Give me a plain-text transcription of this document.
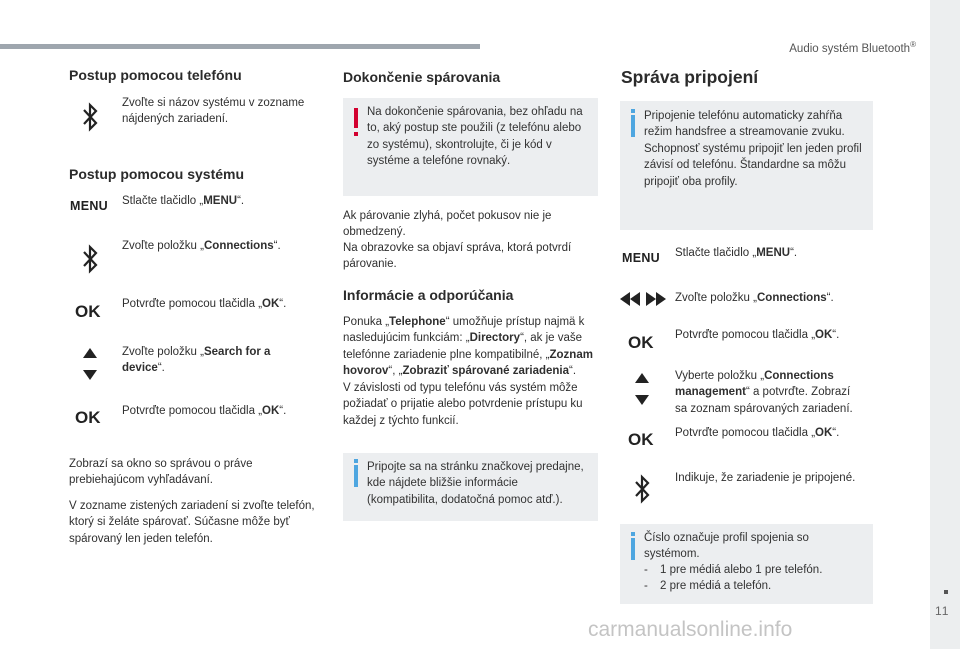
Audio systém Bluetooth®
11
carmanualsonline.info
Postup pomocou telefónu
Zvoľte si názov systému v zozname nájdených zariadení.
Postup pomocou systému
MENU Stlačte tlačidlo „MENU“.
Zvoľte položku „Connections“.
OK Potvrďte pomocou tlačidla „OK“.
Zvoľte položku „Search for a device“.
OK Potvrďte pomocou tlačidla „OK“.
Zobrazí sa okno so správou o práve prebiehajúcom vyhľadávaní.
V zozname zistených zariadení si zvoľte telefón, ktorý si želáte spárovať. Súčasne môže byť spárovaný len jeden telefón.
Dokončenie spárovania
Na dokončenie spárovania, bez ohľadu na to, aký postup ste použili (z telefónu alebo zo systému), skontrolujte, či je kód v systéme a telefóne rovnaký.
Ak párovanie zlyhá, počet pokusov nie je obmedzený.
Na obrazovke sa objaví správa, ktorá potvrdí párovanie.
Informácie a odporúčania
Ponuka „Telephone“ umožňuje prístup najmä k nasledujúcim funkciám: „Directory“, ak je vaše telefónne zariadenie plne kompatibilné, „Zoznam hovorov“, „Zobraziť spárované zariadenia“.
V závislosti od typu telefónu vás systém môže požiadať o prijatie alebo potvrdenie prístupu ku každej z týchto funkcií.
Pripojte sa na stránku značkovej predajne, kde nájdete bližšie informácie (kompatibilita, dodatočná pomoc atď.).
Správa pripojení
Pripojenie telefónu automaticky zahŕňa režim handsfree a streamovanie zvuku. Schopnosť systému pripojiť len jeden profil závisí od telefónu. Štandardne sa môžu pripojiť oba profily.
MENU Stlačte tlačidlo „MENU“.
Zvoľte položku „Connections“.
OK Potvrďte pomocou tlačidla „OK“.
Vyberte položku „Connections management“ a potvrďte. Zobrazí sa zoznam spárovaných zariadení.
OK Potvrďte pomocou tlačidla „OK“.
Indikuje, že zariadenie je pripojené.
Číslo označuje profil spojenia so systémom.
- 1 pre médiá alebo 1 pre telefón.
- 2 pre médiá a telefón.
